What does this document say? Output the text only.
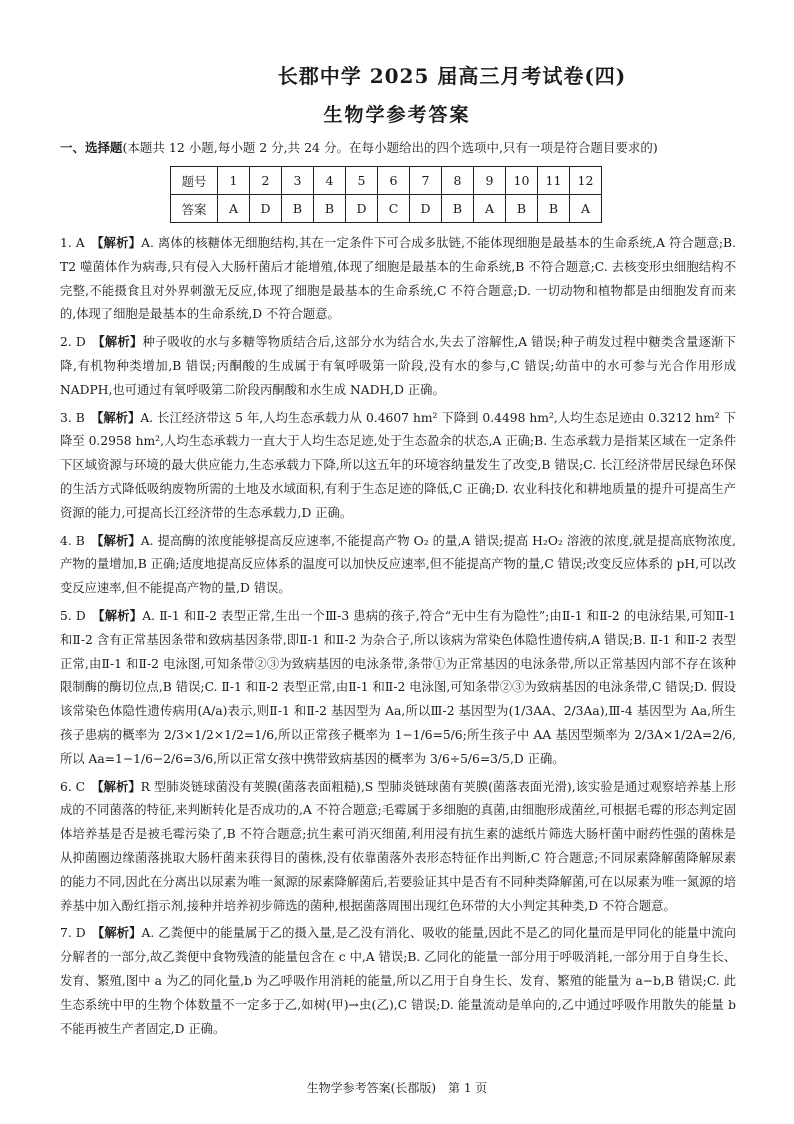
长郡中学 2025 届高三月考试卷(四)
生物学参考答案
一、选择题(本题共 12 小题,每小题 2 分,共 24 分。在每小题给出的四个选项中,只有一项是符合题目要求的)
题号	1	2	3	4	5	6	7	8	9	10	11	12
答案	A	D	B	B	D	C	D	B	A	B	B	A

1. A　 【解析】A. 离体的核糖体无细胞结构,其在一定条件下可合成多肽链,不能体现细胞是最基本的生命系统,A 符合题意;B. T2 噬菌体作为病毒,只有侵入大肠杆菌后才能增殖,体现了细胞是最基本的生命系统,B 不符合题意;C. 去核变形虫细胞结构不完整,不能摄食且对外界刺激无反应,体现了细胞是最基本的生命系统,C 不符合题意;D. 一切动物和植物都是由细胞发育而来的,体现了细胞是最基本的生命系统,D 不符合题意。

2. D　 【解析】种子吸收的水与多糖等物质结合后,这部分水为结合水,失去了溶解性,A 错误;种子萌发过程中糖类含量逐渐下降,有机物种类增加,B 错误;丙酮酸的生成属于有氧呼吸第一阶段,没有水的参与,C 错误;幼苗中的水可参与光合作用形成 NADPH,也可通过有氧呼吸第二阶段丙酮酸和水生成 NADH,D 正确。

3. B　 【解析】A. 长江经济带这 5 年,人均生态承载力从 0.4607 hm² 下降到 0.4498 hm²,人均生态足迹由 0.3212 hm² 下降至 0.2958 hm²,人均生态承载力一直大于人均生态足迹,处于生态盈余的状态,A 正确;B. 生态承载力是指某区域在一定条件下区域资源与环境的最大供应能力,生态承载力下降,所以这五年的环境容纳量发生了改变,B 错误;C. 长江经济带居民绿色环保的生活方式降低吸纳废物所需的土地及水域面积,有利于生态足迹的降低,C 正确;D. 农业科技化和耕地质量的提升可提高生产资源的能力,可提高长江经济带的生态承载力,D 正确。

4. B　 【解析】A. 提高酶的浓度能够提高反应速率,不能提高产物 O₂ 的量,A 错误;提高 H₂O₂ 溶液的浓度,就是提高底物浓度,产物的量增加,B 正确;适度地提高反应体系的温度可以加快反应速率,但不能提高产物的量,C 错误;改变反应体系的 pH,可以改变反应速率,但不能提高产物的量,D 错误。

5. D　 【解析】A. Ⅱ-1 和Ⅱ-2 表型正常,生出一个Ⅲ-3 患病的孩子,符合“无中生有为隐性”;由Ⅱ-1 和Ⅱ-2 的电泳结果,可知Ⅱ-1 和Ⅱ-2 含有正常基因条带和致病基因条带,即Ⅱ-1 和Ⅱ-2 为杂合子,所以该病为常染色体隐性遗传病,A 错误;B. Ⅱ-1 和Ⅱ-2 表型正常,由Ⅱ-1 和Ⅱ-2 电泳图,可知条带②③为致病基因的电泳条带,条带①为正常基因的电泳条带,所以正常基因内部不存在该种限制酶的酶切位点,B 错误;C. Ⅱ-1 和Ⅱ-2 表型正常,由Ⅱ-1 和Ⅱ-2 电泳图,可知条带②③为致病基因的电泳条带,C 错误;D. 假设该常染色体隐性遗传病用(A/a)表示,则Ⅱ-1 和Ⅱ-2 基因型为 Aa,所以Ⅲ-2 基因型为(1/3AA、2/3Aa),Ⅲ-4 基因型为 Aa,所生孩子患病的概率为 2/3×1/2×1/2=1/6,所以正常孩子概率为 1−1/6=5/6;所生孩子中 AA 基因型频率为 2/3A×1/2A=2/6,所以 Aa=1−1/6−2/6=3/6,所以正常女孩中携带致病基因的概率为 3/6÷5/6=3/5,D 正确。

6. C　 【解析】R 型肺炎链球菌没有荚膜(菌落表面粗糙),S 型肺炎链球菌有荚膜(菌落表面光滑),该实验是通过观察培养基上形成的不同菌落的特征,来判断转化是否成功的,A 不符合题意;毛霉属于多细胞的真菌,由细胞形成菌丝,可根据毛霉的形态判定固体培养基是否是被毛霉污染了,B 不符合题意;抗生素可消灭细菌,利用浸有抗生素的滤纸片筛选大肠杆菌中耐药性强的菌株是从抑菌圈边缘菌落挑取大肠杆菌来获得目的菌株,没有依靠菌落外表形态特征作出判断,C 符合题意;不同尿素降解菌降解尿素的能力不同,因此在分离出以尿素为唯一氮源的尿素降解菌后,若要验证其中是否有不同种类降解菌,可在以尿素为唯一氮源的培养基中加入酚红指示剂,接种并培养初步筛选的菌种,根据菌落周围出现红色环带的大小判定其种类,D 不符合题意。

7. D　 【解析】A. 乙粪便中的能量属于乙的摄入量,是乙没有消化、吸收的能量,因此不是乙的同化量而是甲同化的能量中流向分解者的一部分,故乙粪便中食物残渣的能量包含在 c 中,A 错误;B. 乙同化的能量一部分用于呼吸消耗,一部分用于自身生长、发育、繁殖,图中 a 为乙的同化量,b 为乙呼吸作用消耗的能量,所以乙用于自身生长、发育、繁殖的能量为 a−b,B 错误;C. 此生态系统中甲的生物个体数量不一定多于乙,如树(甲)→虫(乙),C 错误;D. 能量流动是单向的,乙中通过呼吸作用散失的能量 b 不能再被生产者固定,D 正确。

生物学参考答案(长郡版)　第 1 页
